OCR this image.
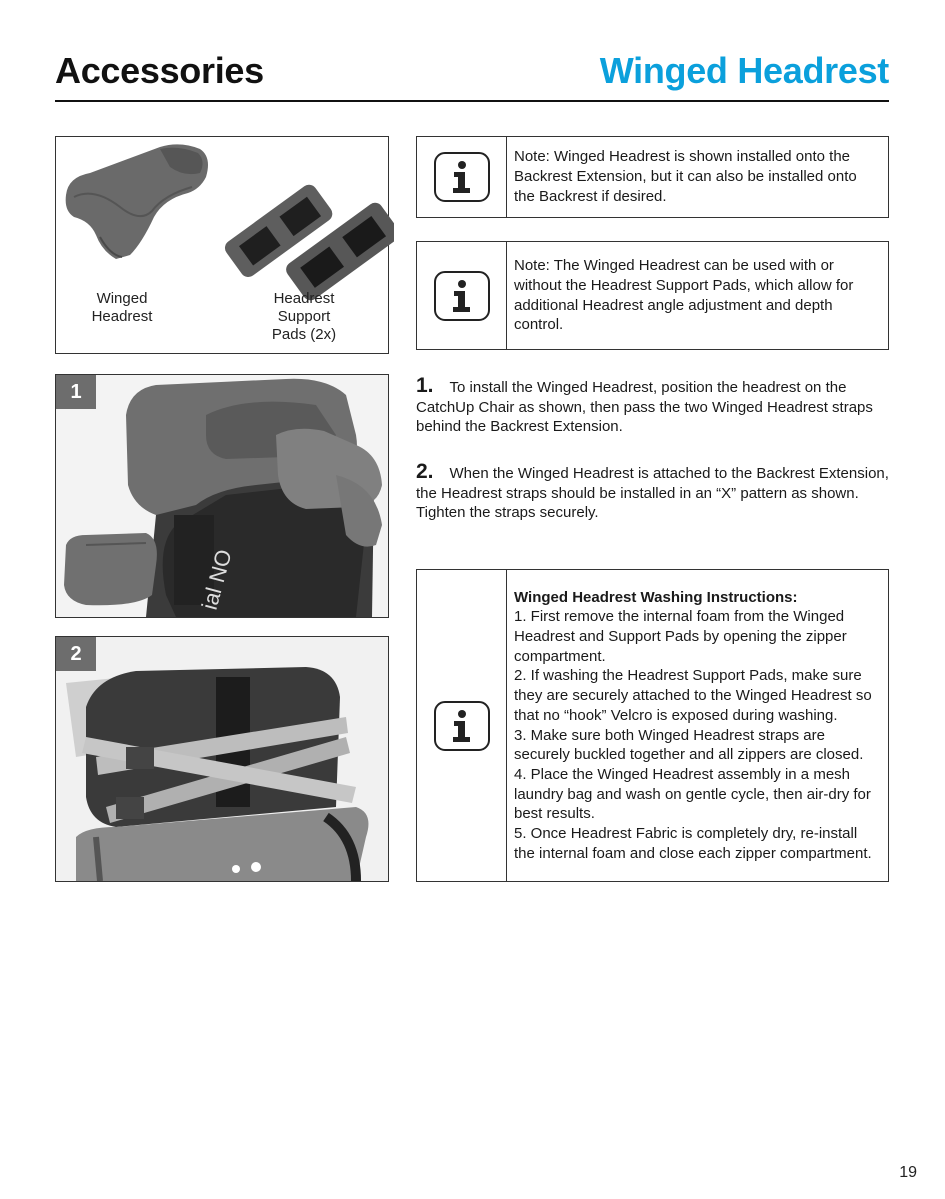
Accessories	Winged Headrest
Winged
Headrest
Headrest
Support
Pads (2x)
ial NO
1
2
Note: Winged Headrest is shown installed onto the Backrest Extension, but it can also be installed onto the Backrest if desired.
Note: The Winged Headrest can be used with or without the Headrest Support Pads, which allow for additional Headrest angle adjustment and depth control.
1. To install the Winged Headrest, position the headrest on the CatchUp Chair as shown, then pass the two Winged Headrest straps behind the Backrest Extension.
2. When the Winged Headrest is attached to the Backrest Extension, the Headrest straps should be installed in an “X” pattern as shown. Tighten the straps securely.
Winged Headrest Washing Instructions:
1. First remove the internal foam from the Winged Headrest and Support Pads by opening the zipper compartment.
2. If washing the Headrest Support Pads, make sure they are securely attached to the Winged Headrest so that no “hook” Velcro is exposed during washing.
3. Make sure both Winged Headrest straps are securely buckled together and all zippers are closed.
4. Place the Winged Headrest assembly in a mesh laundry bag and wash on gentle cycle, then air-dry for best results.
5. Once Headrest Fabric is completely dry, re-install the internal foam and close each zipper compartment.
19
